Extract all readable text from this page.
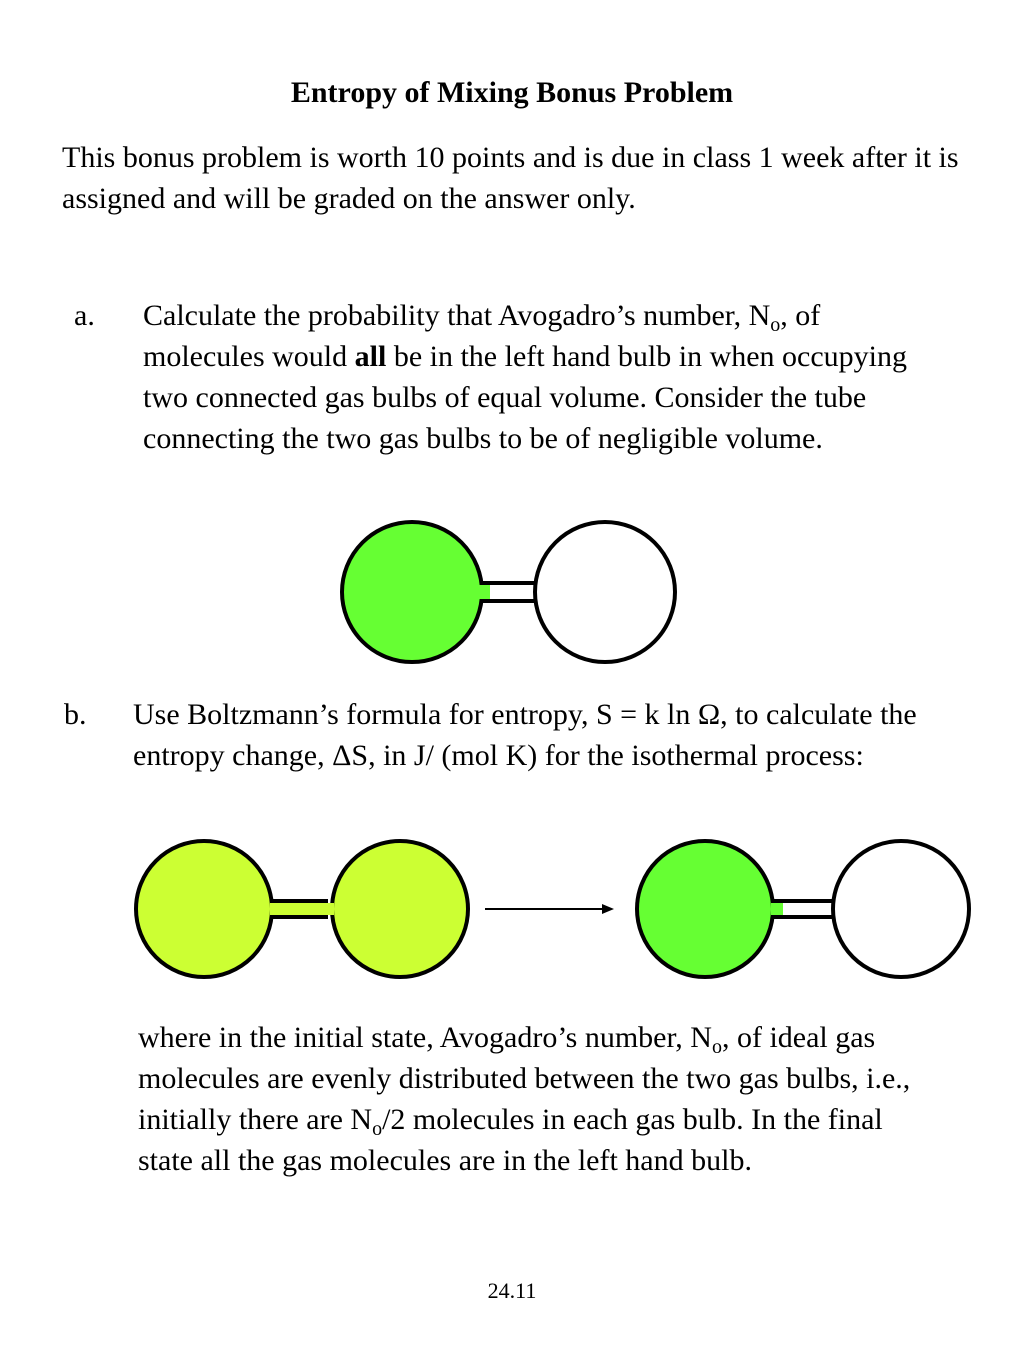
Entropy of Mixing Bonus Problem

This bonus problem is worth 10 points and is due in class 1 week after it is assigned and will be graded on the answer only.

a. Calculate the probability that Avogadro’s number, $N_o$, of molecules would all be in the left hand bulb in when occupying two connected gas bulbs of equal volume. Consider the tube connecting the two gas bulbs to be of negligible volume.
b. Use Boltzmann’s formula for entropy, S = k ln Ω, to calculate the entropy change, ΔS, in J/ (mol K) for the isothermal process:

where in the initial state, Avogadro’s number, $N_o$, of ideal gas molecules are evenly distributed between the two gas bulbs, i.e., initially there are $N_o/2$ molecules in each gas bulb. In the final state all the gas molecules are in the left hand bulb.
24.11
